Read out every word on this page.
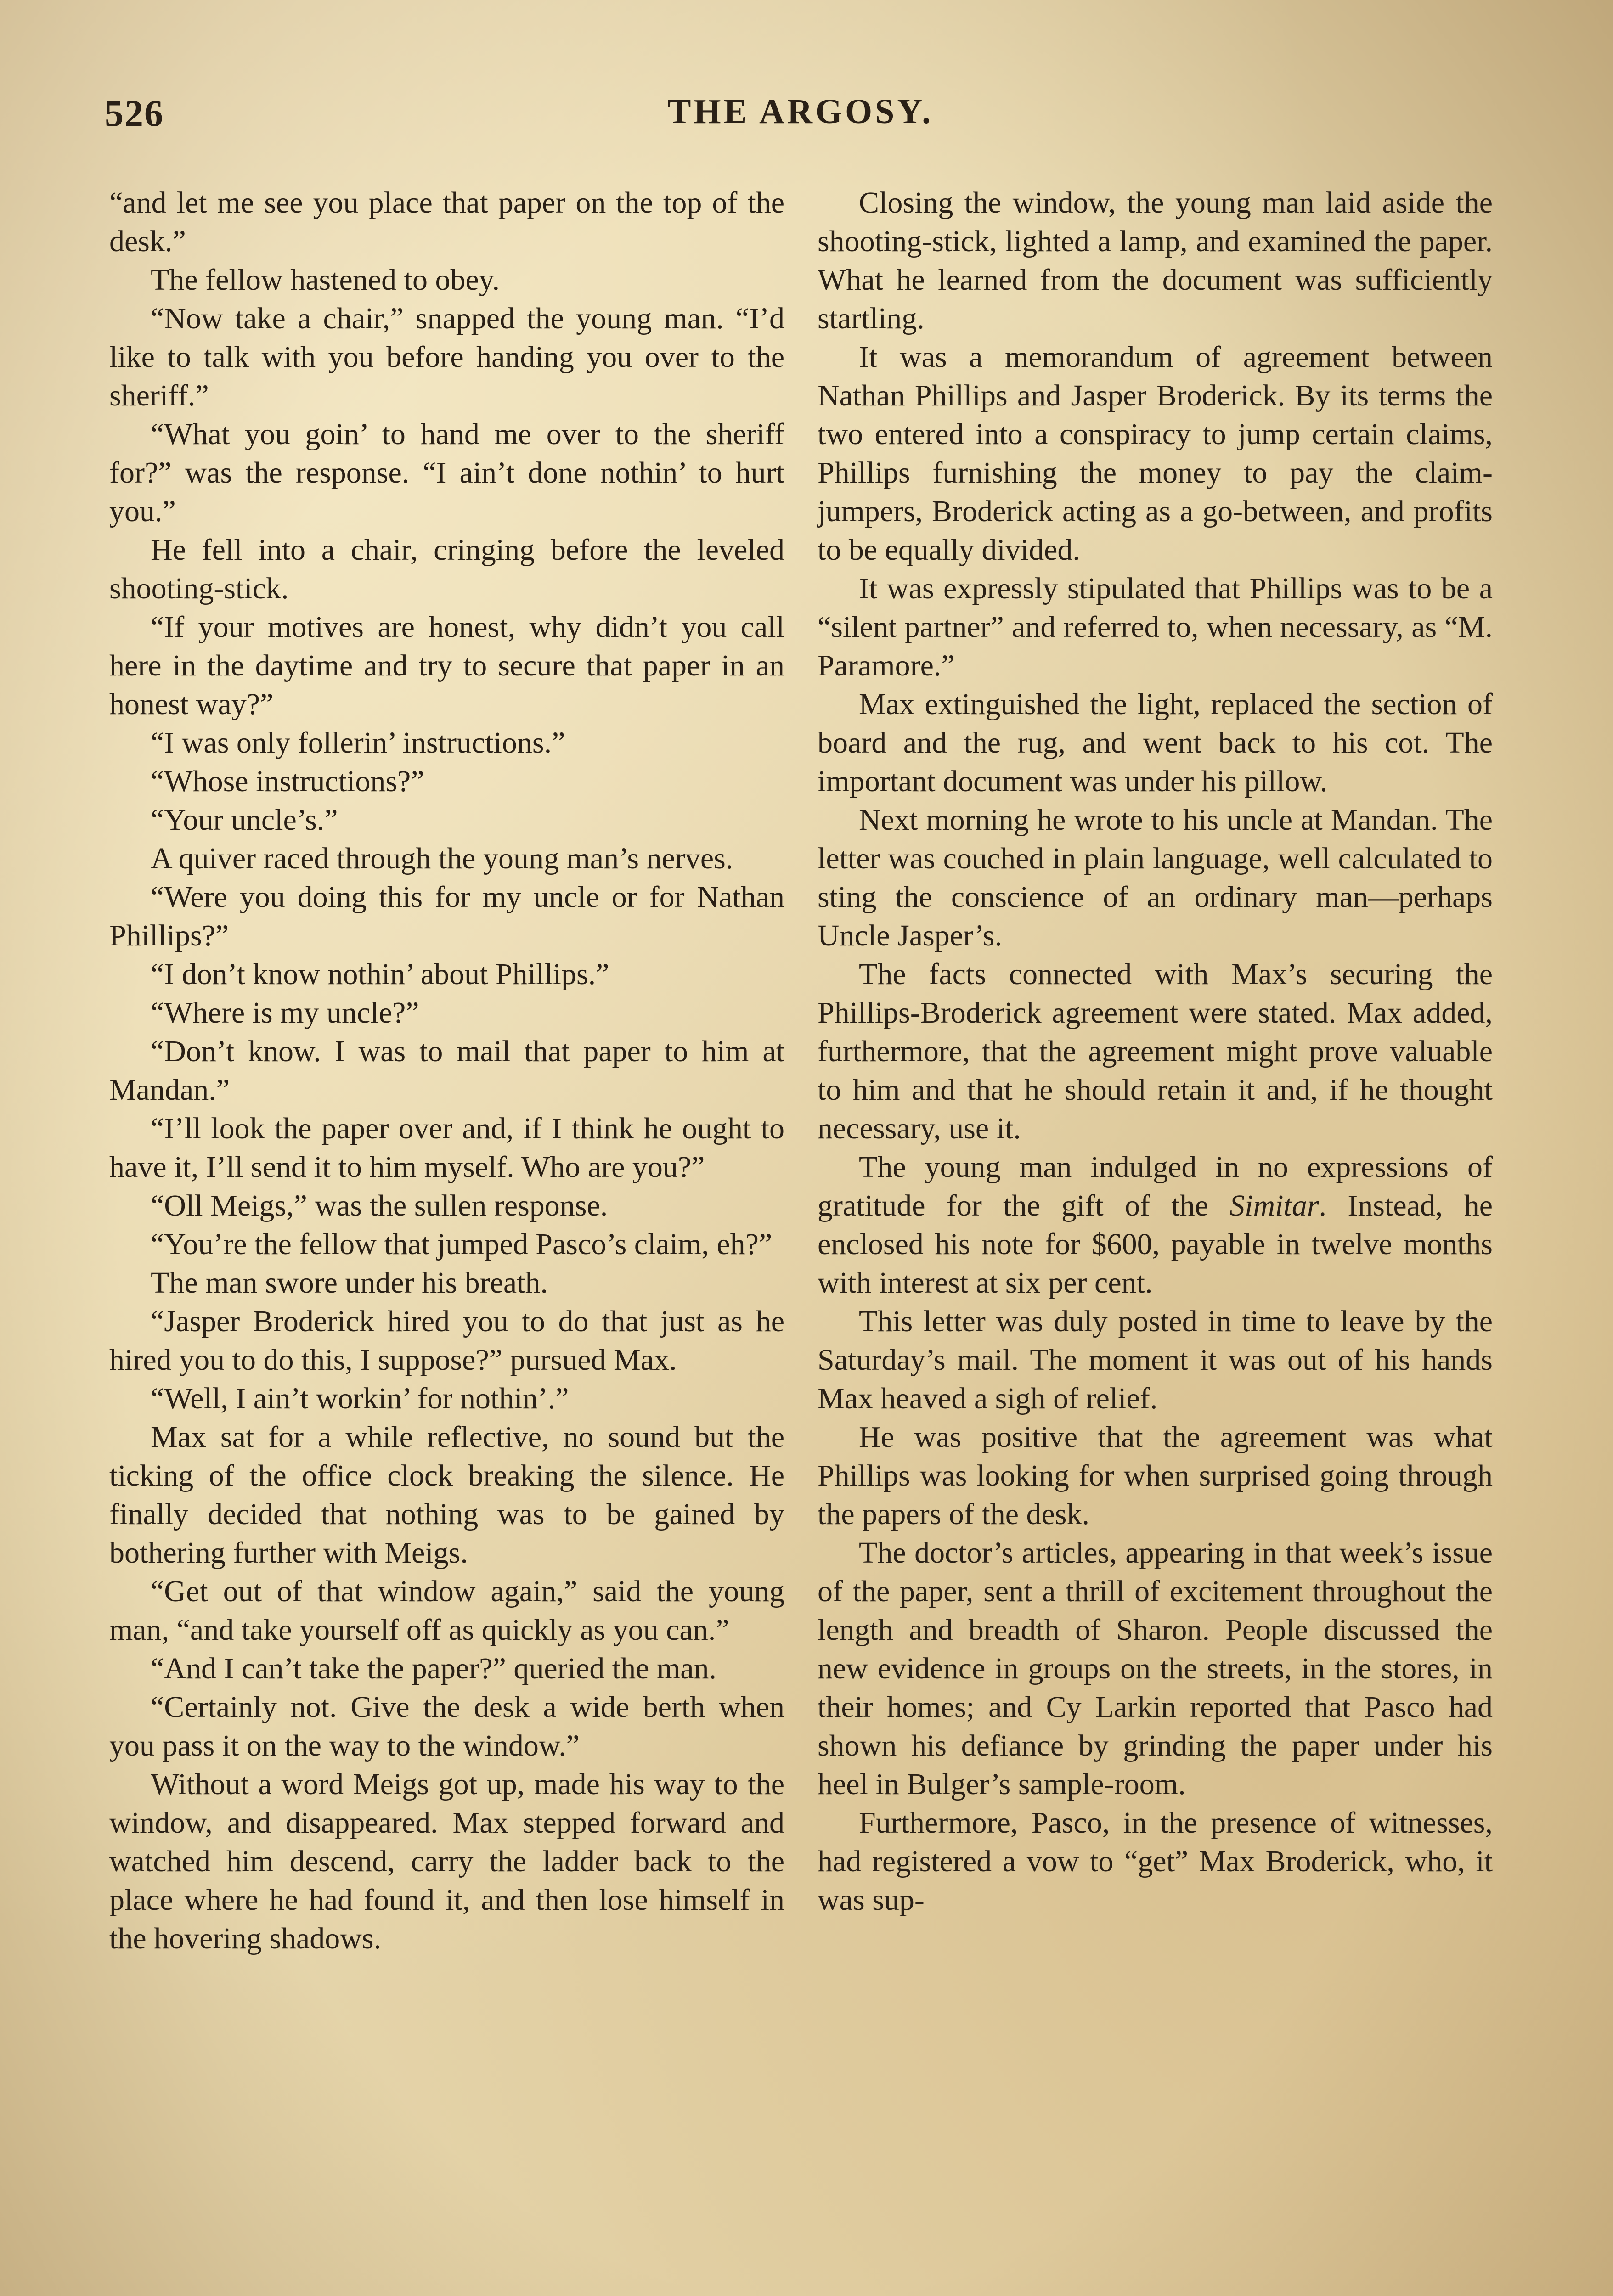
526	THE ARGOSY.

“and let me see you place that paper on the top of the desk.”

The fellow hastened to obey.

“Now take a chair,” snapped the young man. “I’d like to talk with you before handing you over to the sheriff.”

“What you goin’ to hand me over to the sheriff for?” was the response. “I ain’t done nothin’ to hurt you.”

He fell into a chair, cringing before the leveled shooting-stick.

“If your motives are honest, why didn’t you call here in the daytime and try to secure that paper in an honest way?”

“I was only follerin’ instructions.”

“Whose instructions?”

“Your uncle’s.”

A quiver raced through the young man’s nerves.

“Were you doing this for my uncle or for Nathan Phillips?”

“I don’t know nothin’ about Phillips.”

“Where is my uncle?”

“Don’t know. I was to mail that paper to him at Mandan.”

“I’ll look the paper over and, if I think he ought to have it, I’ll send it to him myself. Who are you?”

“Oll Meigs,” was the sullen response.

“You’re the fellow that jumped Pasco’s claim, eh?”

The man swore under his breath.

“Jasper Broderick hired you to do that just as he hired you to do this, I suppose?” pursued Max.

“Well, I ain’t workin’ for nothin’.”

Max sat for a while reflective, no sound but the ticking of the office clock breaking the silence. He finally decided that nothing was to be gained by bothering further with Meigs.

“Get out of that window again,” said the young man, “and take yourself off as quickly as you can.”

“And I can’t take the paper?” queried the man.

“Certainly not. Give the desk a wide berth when you pass it on the way to the window.”

Without a word Meigs got up, made his way to the window, and disappeared. Max stepped forward and watched him descend, carry the ladder back to the place where he had found it, and then lose himself in the hovering shadows.

Closing the window, the young man laid aside the shooting-stick, lighted a lamp, and examined the paper. What he learned from the document was sufficiently startling.

It was a memorandum of agreement between Nathan Phillips and Jasper Broderick. By its terms the two entered into a conspiracy to jump certain claims, Phillips furnishing the money to pay the claim-jumpers, Broderick acting as a go-between, and profits to be equally divided.

It was expressly stipulated that Phillips was to be a “silent partner” and referred to, when necessary, as “M. Paramore.”

Max extinguished the light, replaced the section of board and the rug, and went back to his cot. The important document was under his pillow.

Next morning he wrote to his uncle at Mandan. The letter was couched in plain language, well calculated to sting the conscience of an ordinary man—perhaps Uncle Jasper’s.

The facts connected with Max’s securing the Phillips-Broderick agreement were stated. Max added, furthermore, that the agreement might prove valuable to him and that he should retain it and, if he thought necessary, use it.

The young man indulged in no expressions of gratitude for the gift of the Simitar. Instead, he enclosed his note for $600, payable in twelve months with interest at six per cent.

This letter was duly posted in time to leave by the Saturday’s mail. The moment it was out of his hands Max heaved a sigh of relief.

He was positive that the agreement was what Phillips was looking for when surprised going through the papers of the desk.

The doctor’s articles, appearing in that week’s issue of the paper, sent a thrill of excitement throughout the length and breadth of Sharon. People discussed the new evidence in groups on the streets, in the stores, in their homes; and Cy Larkin reported that Pasco had shown his defiance by grinding the paper under his heel in Bulger’s sample-room.

Furthermore, Pasco, in the presence of witnesses, had registered a vow to “get” Max Broderick, who, it was sup-
